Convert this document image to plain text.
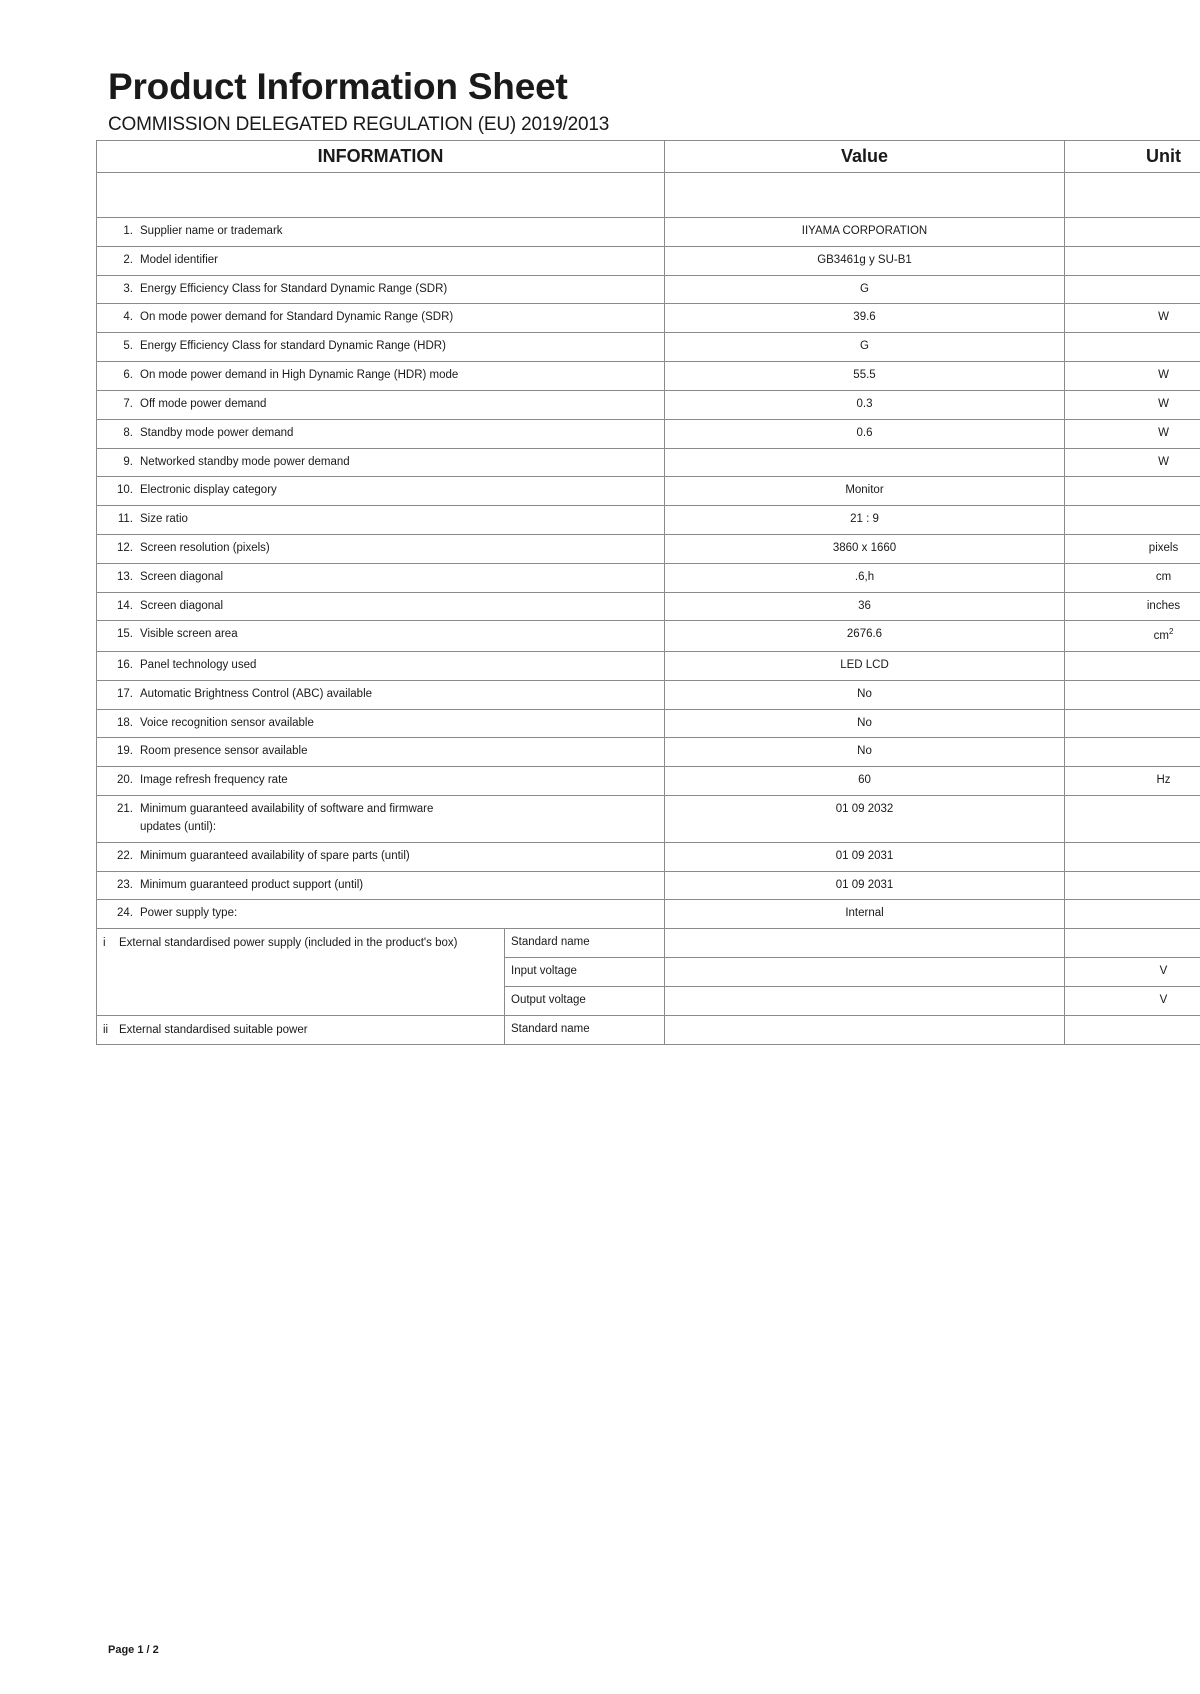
Product Information Sheet
COMMISSION DELEGATED REGULATION (EU) 2019/2013
INFORMATION		Value	Unit

1. Supplier name or trademark		IIYAMA CORPORATION	
2. Model identifier		GB3461g y SU-B1	
3. Energy Efficiency Class for Standard Dynamic Range (SDR)		G	
4. On mode power demand for Standard Dynamic Range (SDR)		39.6	W
5. Energy Efficiency Class for standard Dynamic Range (HDR)		G	
6. On mode power demand in High Dynamic Range (HDR) mode		55.5	W
7. Off mode power demand		0.3	W
8. Standby mode power demand		0.6	W
9. Networked standby mode power demand			W
10. Electronic display category		Monitor	
11. Size ratio		21 : 9	
12. Screen resolution (pixels)		3860 x 1660	pixels
13. Screen diagonal		.6,h	cm
14. Screen diagonal		36	inches
15. Visible screen area		2676.6	$cm^2$
16. Panel technology used		LED LCD	
17. Automatic Brightness Control (ABC) available		No	
18. Voice recognition sensor available		No	
19. Room presence sensor available		No	
20. Image refresh frequency rate		60	Hz
21. Minimum guaranteed availability of software and firmware updates (until):		01 09 2032	
22. Minimum guaranteed availability of spare parts (until)		01 09 2031	
23. Minimum guaranteed product support (until)		01 09 2031	
24. Power supply type:		Internal	
i External standardised power supply (included in the product's box)	Standard name		
	Input voltage		V
	Output voltage		V
ii External standardised suitable power	Standard name		
Page 1 / 2
